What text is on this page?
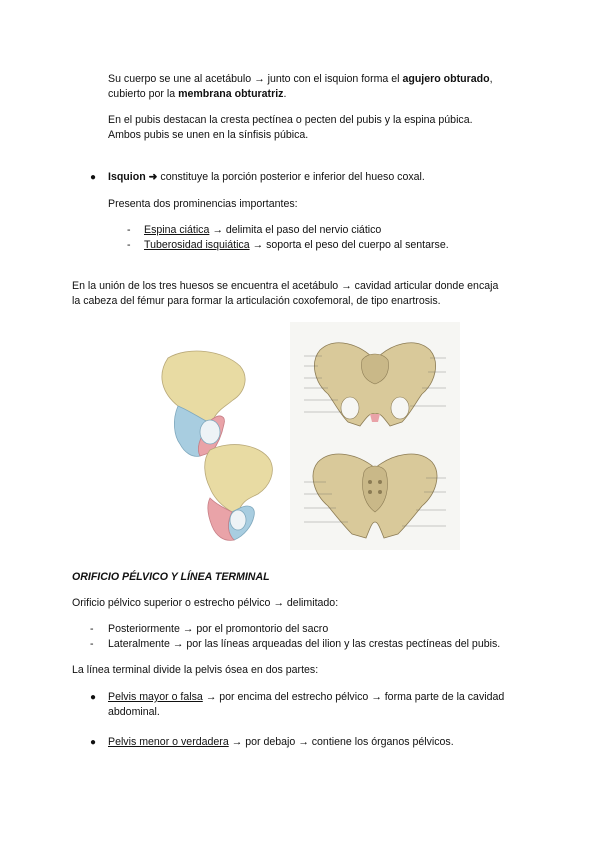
Su cuerpo se une al acetábulo → junto con el isquion forma el agujero obturado,

cubierto por la membrana obturatriz.

En el pubis destacan la cresta pectínea o pecten del pubis y la espina púbica.

Ambos pubis se unen en la sínfisis púbica.

● Isquion ➜ constituye la porción posterior e inferior del hueso coxal.

Presenta dos prominencias importantes:

- Espina ciática → delimita el paso del nervio ciático

- Tuberosidad isquiática → soporta el peso del cuerpo al sentarse.

En la unión de los tres huesos se encuentra el acetábulo → cavidad articular donde encaja

la cabeza del fémur para formar la articulación coxofemoral, de tipo enartrosis.

ORIFICIO PÉLVICO Y LÍNEA TERMINAL

Orificio pélvico superior o estrecho pélvico → delimitado:

- Posteriormente → por el promontorio del sacro

- Lateralmente → por las líneas arqueadas del ilion y las crestas pectíneas del pubis.

La línea terminal divide la pelvis ósea en dos partes:

● Pelvis mayor o falsa → por encima del estrecho pélvico → forma parte de la cavidad

abdominal.

● Pelvis menor o verdadera → por debajo → contiene los órganos pélvicos.
